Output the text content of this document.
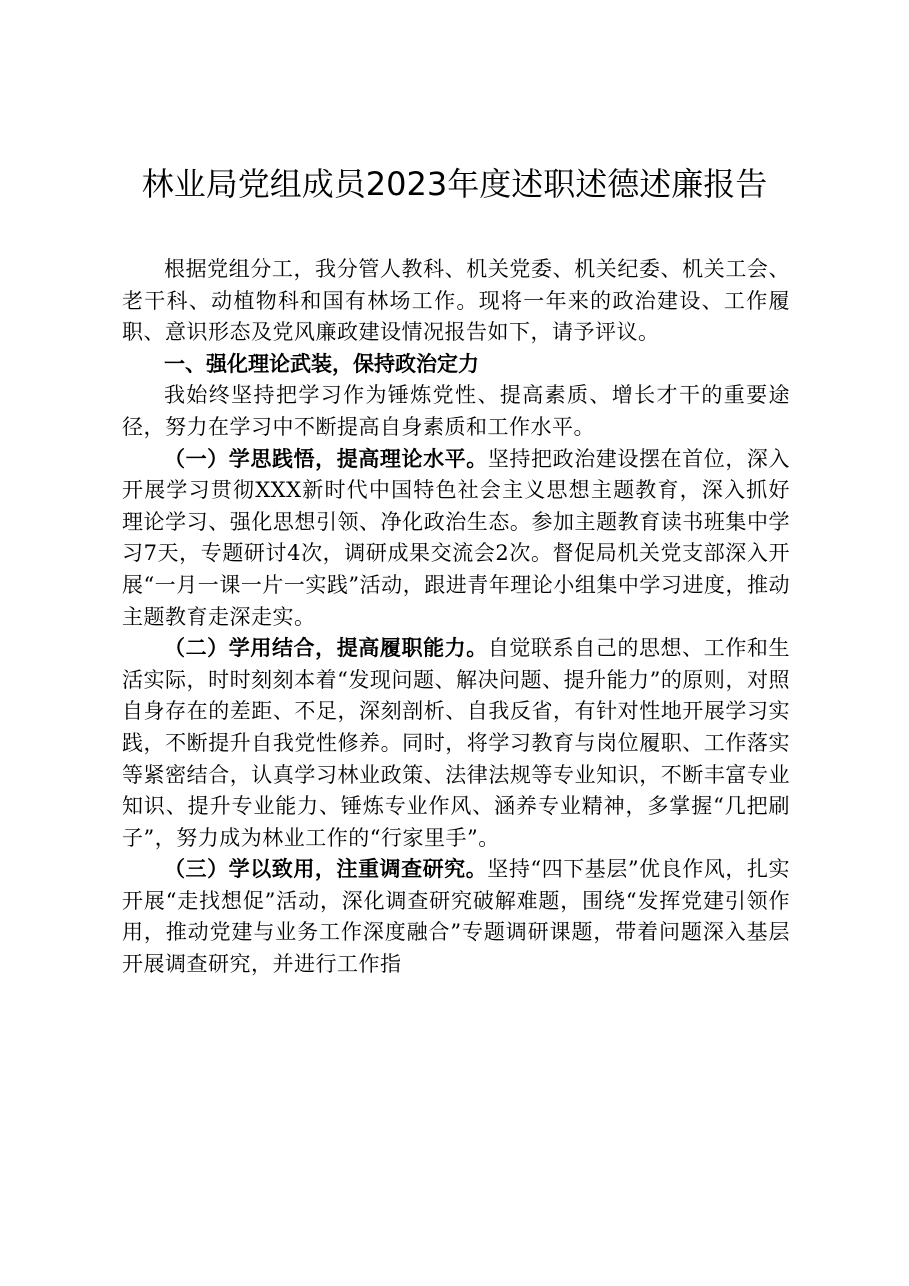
林业局党组成员2023年度述职述德述廉报告

根据党组分工，我分管人教科、机关党委、机关纪委、机关工会、老干科、动植物科和国有林场工作。现将一年来的政治建设、工作履职、意识形态及党风廉政建设情况报告如下，请予评议。

一、强化理论武装，保持政治定力

我始终坚持把学习作为锤炼党性、提高素质、增长才干的重要途径，努力在学习中不断提高自身素质和工作水平。

（一）学思践悟，提高理论水平。坚持把政治建设摆在首位，深入开展学习贯彻XXX新时代中国特色社会主义思想主题教育，深入抓好理论学习、强化思想引领、净化政治生态。参加主题教育读书班集中学习7天，专题研讨4次，调研成果交流会2次。督促局机关党支部深入开展“一月一课一片一实践”活动，跟进青年理论小组集中学习进度，推动主题教育走深走实。

（二）学用结合，提高履职能力。自觉联系自己的思想、工作和生活实际，时时刻刻本着“发现问题、解决问题、提升能力”的原则，对照自身存在的差距、不足，深刻剖析、自我反省，有针对性地开展学习实践，不断提升自我党性修养。同时，将学习教育与岗位履职、工作落实等紧密结合，认真学习林业政策、法律法规等专业知识，不断丰富专业知识、提升专业能力、锤炼专业作风、涵养专业精神，多掌握“几把刷子”，努力成为林业工作的“行家里手”。

（三）学以致用，注重调查研究。坚持“四下基层”优良作风，扎实开展“走找想促”活动，深化调查研究破解难题，围绕“发挥党建引领作用，推动党建与业务工作深度融合”专题调研课题，带着问题深入基层开展调查研究，并进行工作指
